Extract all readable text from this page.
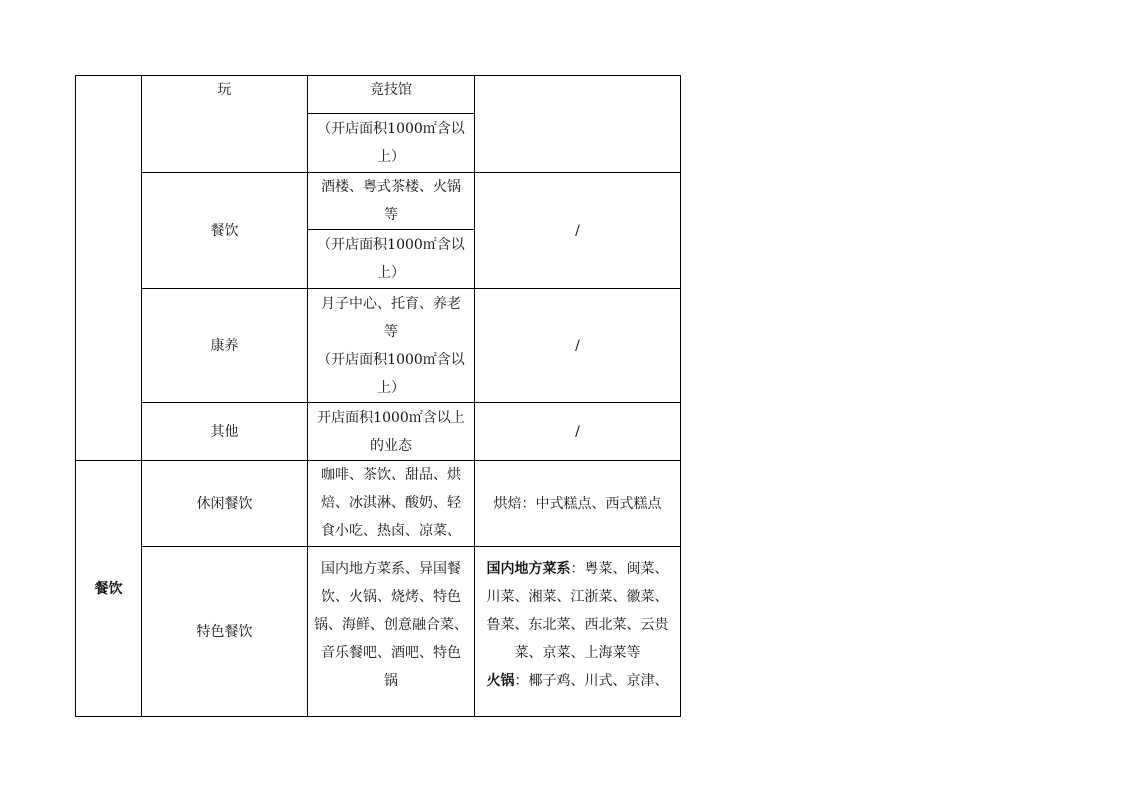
玩	竞技馆
（开店面积1000㎡含以
上）
餐饮
酒楼、粤式茶楼、火锅
等
（开店面积1000㎡含以
上）
/
康养
月子中心、托育、养老
等
（开店面积1000㎡含以
上）
/
其他
开店面积1000㎡含以上
的业态
/
餐饮
休闲餐饮
咖啡、茶饮、甜品、烘
焙、冰淇淋、酸奶、轻
食小吃、热卤、凉菜、
烘焙：中式糕点、西式糕点
特色餐饮
国内地方菜系、异国餐
饮、火锅、烧烤、特色
锅、海鲜、创意融合菜、
音乐餐吧、酒吧、特色
锅
国内地方菜系：粤菜、闽菜、
川菜、湘菜、江浙菜、徽菜、
鲁菜、东北菜、西北菜、云贵
菜、京菜、上海菜等
火锅：椰子鸡、川式、京津、
